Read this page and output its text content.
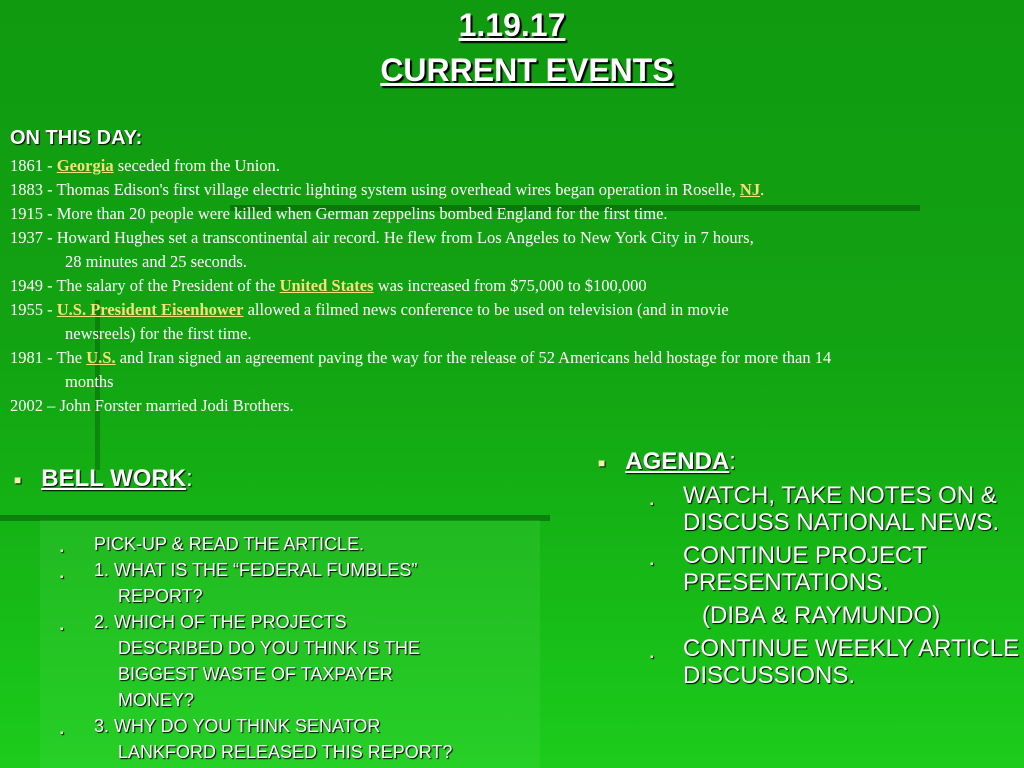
1.19.17
CURRENT EVENTS
ON THIS DAY:
1861 - Georgia seceded from the Union.
1883 - Thomas Edison's first village electric lighting system using overhead wires began operation in Roselle, NJ.
1915 - More than 20 people were killed when German zeppelins bombed England for the first time.
1937 - Howard Hughes set a transcontinental air record. He flew from Los Angeles to New York City in 7 hours,
28 minutes and 25 seconds.
1949 - The salary of the President of the United States was increased from $75,000 to $100,000
1955 - U.S. President Eisenhower allowed a filmed news conference to be used on television (and in movie
newsreels) for the first time.
1981 - The U.S. and Iran signed an agreement paving the way for the release of 52 Americans held hostage for more than 14
months
2002 – John Forster married Jodi Brothers.
■ BELL WORK:
▪ PICK-UP & READ THE ARTICLE.
▪ 1. WHAT IS THE “FEDERAL FUMBLES”
REPORT?
▪ 2. WHICH OF THE PROJECTS
DESCRIBED DO YOU THINK IS THE BIGGEST WASTE OF TAXPAYER MONEY?
▪ 3. WHY DO YOU THINK SENATOR
LANKFORD RELEASED THIS REPORT?
■ AGENDA:
▪ WATCH, TAKE NOTES ON & DISCUSS NATIONAL NEWS.
▪ CONTINUE PROJECT PRESENTATIONS.
(DIBA & RAYMUNDO)
▪ CONTINUE WEEKLY ARTICLE DISCUSSIONS.
